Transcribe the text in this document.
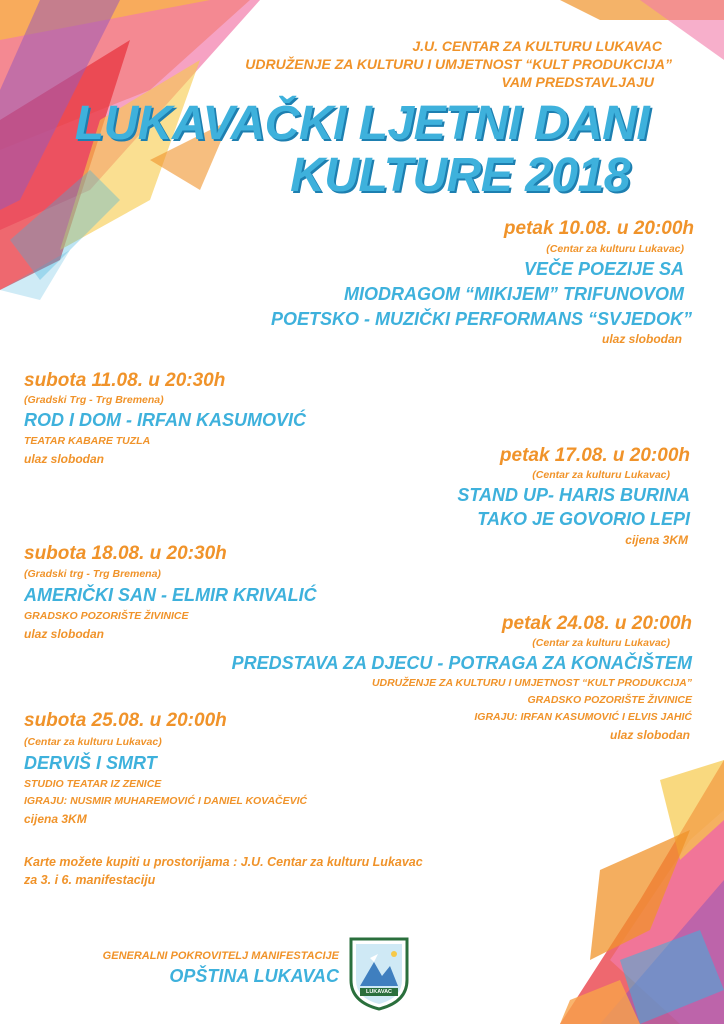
J.U. CENTAR ZA KULTURU LUKAVAC
UDRUŽENJE ZA KULTURU I UMJETNOST “KULT PRODUKCIJA”
VAM PREDSTAVLJAJU
LUKAVAČKI LJETNI DANI
KULTURE 2018
petak 10.08. u 20:00h
(Centar za kulturu Lukavac)
VEČE POEZIJE SA
MIODRAGOM “MIKIJEM” TRIFUNOVOM
POETSKO - MUZIČKI PERFORMANS “SVJEDOK”
ulaz slobodan
subota 11.08. u 20:30h
(Gradski Trg - Trg Bremena)
ROD I DOM - IRFAN KASUMOVIĆ
TEATAR KABARE TUZLA
ulaz slobodan	petak 17.08. u 20:00h
(Centar za kulturu Lukavac)
STAND UP- HARIS BURINA
TAKO JE GOVORIO LEPI
cijena 3KM
subota 18.08. u 20:30h
(Gradski trg - Trg Bremena)
AMERIČKI SAN - ELMIR KRIVALIĆ
GRADSKO POZORIŠTE ŽIVINICE
ulaz slobodan	petak 24.08. u 20:00h
(Centar za kulturu Lukavac)
PREDSTAVA ZA DJECU - POTRAGA ZA KONAČIŠTEM
UDRUŽENJE ZA KULTURU I UMJETNOST “KULT PRODUKCIJA”
GRADSKO POZORIŠTE ŽIVINICE
IGRAJU: IRFAN KASUMOVIĆ I ELVIS JAHIĆ
ulaz slobodan
subota 25.08. u 20:00h
(Centar za kulturu Lukavac)
DERVIŠ I SMRT
STUDIO TEATAR IZ ZENICE
IGRAJU: NUSMIR MUHAREMOVIĆ I DANIEL KOVAČEVIĆ
cijena 3KM
Karte možete kupiti u prostorijama : J.U. Centar za kulturu Lukavac
za 3. i 6. manifestaciju
GENERALNI POKROVITELJ MANIFESTACIJE
OPŠTINA LUKAVAC
LUKAVAC
